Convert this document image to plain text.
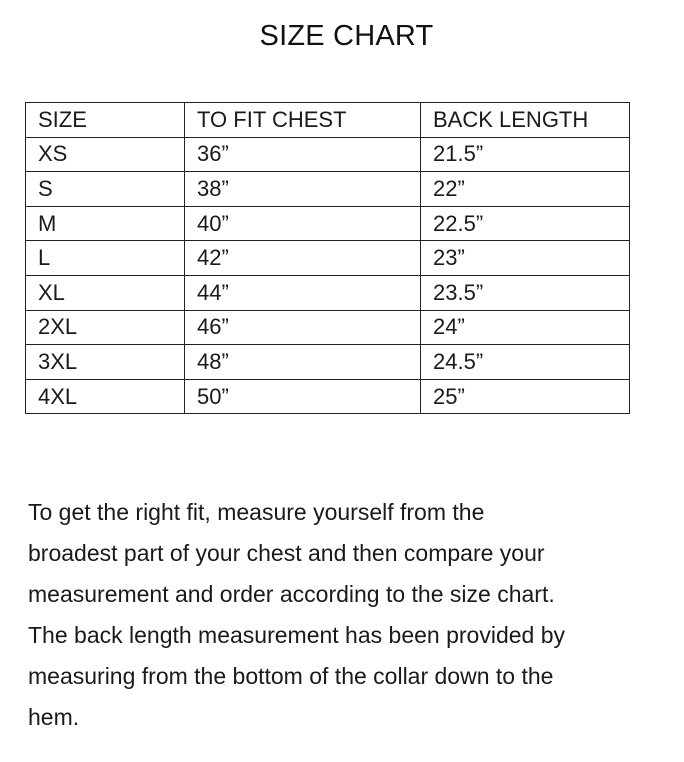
SIZE CHART
SIZE	TO FIT CHEST	BACK LENGTH
XS	36”	21.5”
S	38”	22”
M	40”	22.5”
L	42”	23”
XL	44”	23.5”
2XL	46”	24”
3XL	48”	24.5”
4XL	50”	25”
To get the right fit, measure yourself from the
broadest part of your chest and then compare your
measurement and order according to the size chart.
The back length measurement has been provided by
measuring from the bottom of the collar down to the
hem.
